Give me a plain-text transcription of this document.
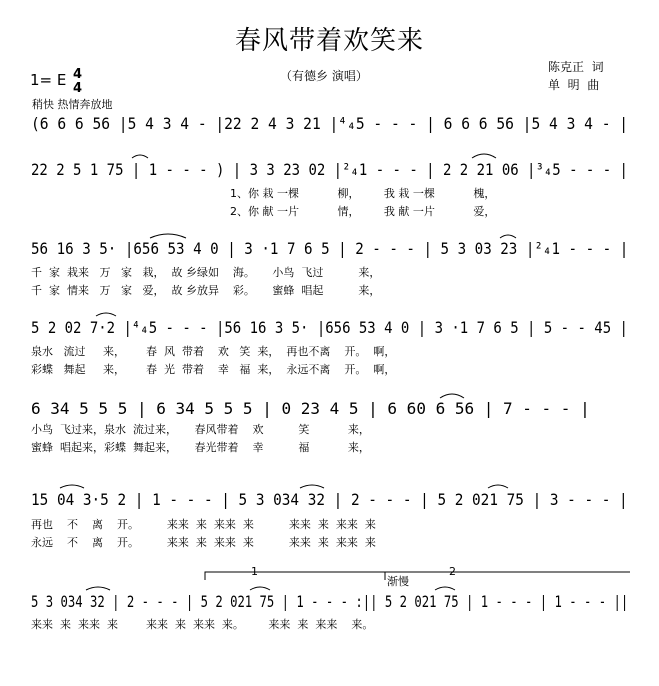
春风带着欢笑来
（有德乡 演唱）
陈克正  词
单  明  曲
1= E 4
4
稍快 热情奔放地
(6 6 6 56 |5 4 3 4 - |22 2 4 3 21 |⁴₄5 - - - | 6 6 6 56 |5 4 3 4 - |
22 2 5 1 75 | 1 - - - ) | 3 3 23 02 |²₄1 - - - | 2 2 21 06 |³₄5 - - - |
1、你 栽 一棵           柳，       我 栽 一棵           槐，
2、你 献 一片           情，       我 献 一片           爱，
56 16 3 5· |656 53 4 0 | 3 ·1 7 6 5 | 2 - - - | 5 3 03 23 |²₄1 - - - |
千  家  栽来   万   家   栽，  故 乡绿如    海。     小鸟  飞过          来，
千  家  情来   万   家   爱，  故 乡放异    彩。     蜜蜂  唱起          来，
5 2 02 7·2 |⁴₄5 - - - |56 16 3 5· |656 53 4 0 | 3 ·1 7 6 5 | 5 - - 45 |
泉水   流过     来，      春  风  带着    欢   笑  来，  再也不离    开。  啊，
彩蝶   舞起     来，      春  光  带着    幸   福  来，  永远不离    开。  啊，
6 34 5 5 5 | 6 34 5 5 5 | 0 23 4 5 | 6 60 6 56 | 7 - - - |
小鸟  飞过来，泉水  流过来，     春风带着    欢          笑           来，
蜜蜂  唱起来，彩蝶  舞起来，     春光带着    幸          福           来，
15 04 3·5 2 | 1 - - - | 5 3 034 32 | 2 - - - | 5 2 021 75 | 3 - - - |
再也    不    离    开。        来来  来  来来  来          来来  来  来来  来
永远    不    离    开。        来来  来  来来  来          来来  来  来来  来
渐慢
1	2
5 3 034 32 | 2 - - - | 5 2 021 75 | 1 - - - :|| 5 2 021 75 | 1 - - - | 1 - - - ||
来来  来  来来  来        来来  来  来来  来。       来来  来  来来    来。
